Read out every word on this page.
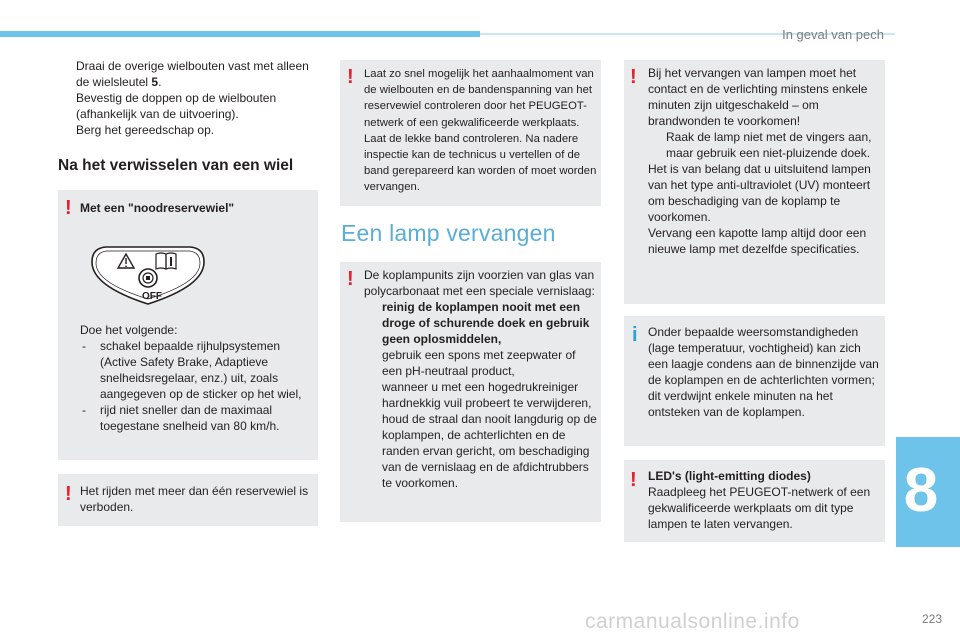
In geval van pech
Draai de overige wielbouten vast met alleen de wielsleutel 5.
Bevestig de doppen op de wielbouten (afhankelijk van de uitvoering).
Berg het gereedschap op.
Na het verwisselen van een wiel
! Met een "noodreservewiel"
OFF
Doe het volgende:
- schakel bepaalde rijhulpsystemen (Active Safety Brake, Adaptieve snelheidsregelaar, enz.) uit, zoals aangegeven op de sticker op het wiel,
- rijd niet sneller dan de maximaal toegestane snelheid van 80 km/h.
! Het rijden met meer dan één reservewiel is verboden.
! Laat zo snel mogelijk het aanhaalmoment van de wielbouten en de bandenspanning van het reservewiel controleren door het PEUGEOT-netwerk of een gekwalificeerde werkplaats. Laat de lekke band controleren. Na nadere inspectie kan de technicus u vertellen of de band gerepareerd kan worden of moet worden vervangen.
Een lamp vervangen
! De koplampunits zijn voorzien van glas van polycarbonaat met een speciale vernislaag:
reinig de koplampen nooit met een droge of schurende doek en gebruik geen oplosmiddelen,
gebruik een spons met zeepwater of een pH-neutraal product,
wanneer u met een hogedrukreiniger hardnekkig vuil probeert te verwijderen, houd de straal dan nooit langdurig op de koplampen, de achterlichten en de randen ervan gericht, om beschadiging van de vernislaag en de afdichtrubbers te voorkomen.
! Bij het vervangen van lampen moet het contact en de verlichting minstens enkele minuten zijn uitgeschakeld – om brandwonden te voorkomen!
Raak de lamp niet met de vingers aan, maar gebruik een niet-pluizende doek.
Het is van belang dat u uitsluitend lampen van het type anti-ultraviolet (UV) monteert om beschadiging van de koplamp te voorkomen.
Vervang een kapotte lamp altijd door een nieuwe lamp met dezelfde specificaties.
i Onder bepaalde weersomstandigheden (lage temperatuur, vochtigheid) kan zich een laagje condens aan de binnenzijde van de koplampen en de achterlichten vormen; dit verdwijnt enkele minuten na het ontsteken van de koplampen.
! LED's (light-emitting diodes)
Raadpleeg het PEUGEOT-netwerk of een gekwalificeerde werkplaats om dit type lampen te laten vervangen.	8
223
carmanualsonline.info
